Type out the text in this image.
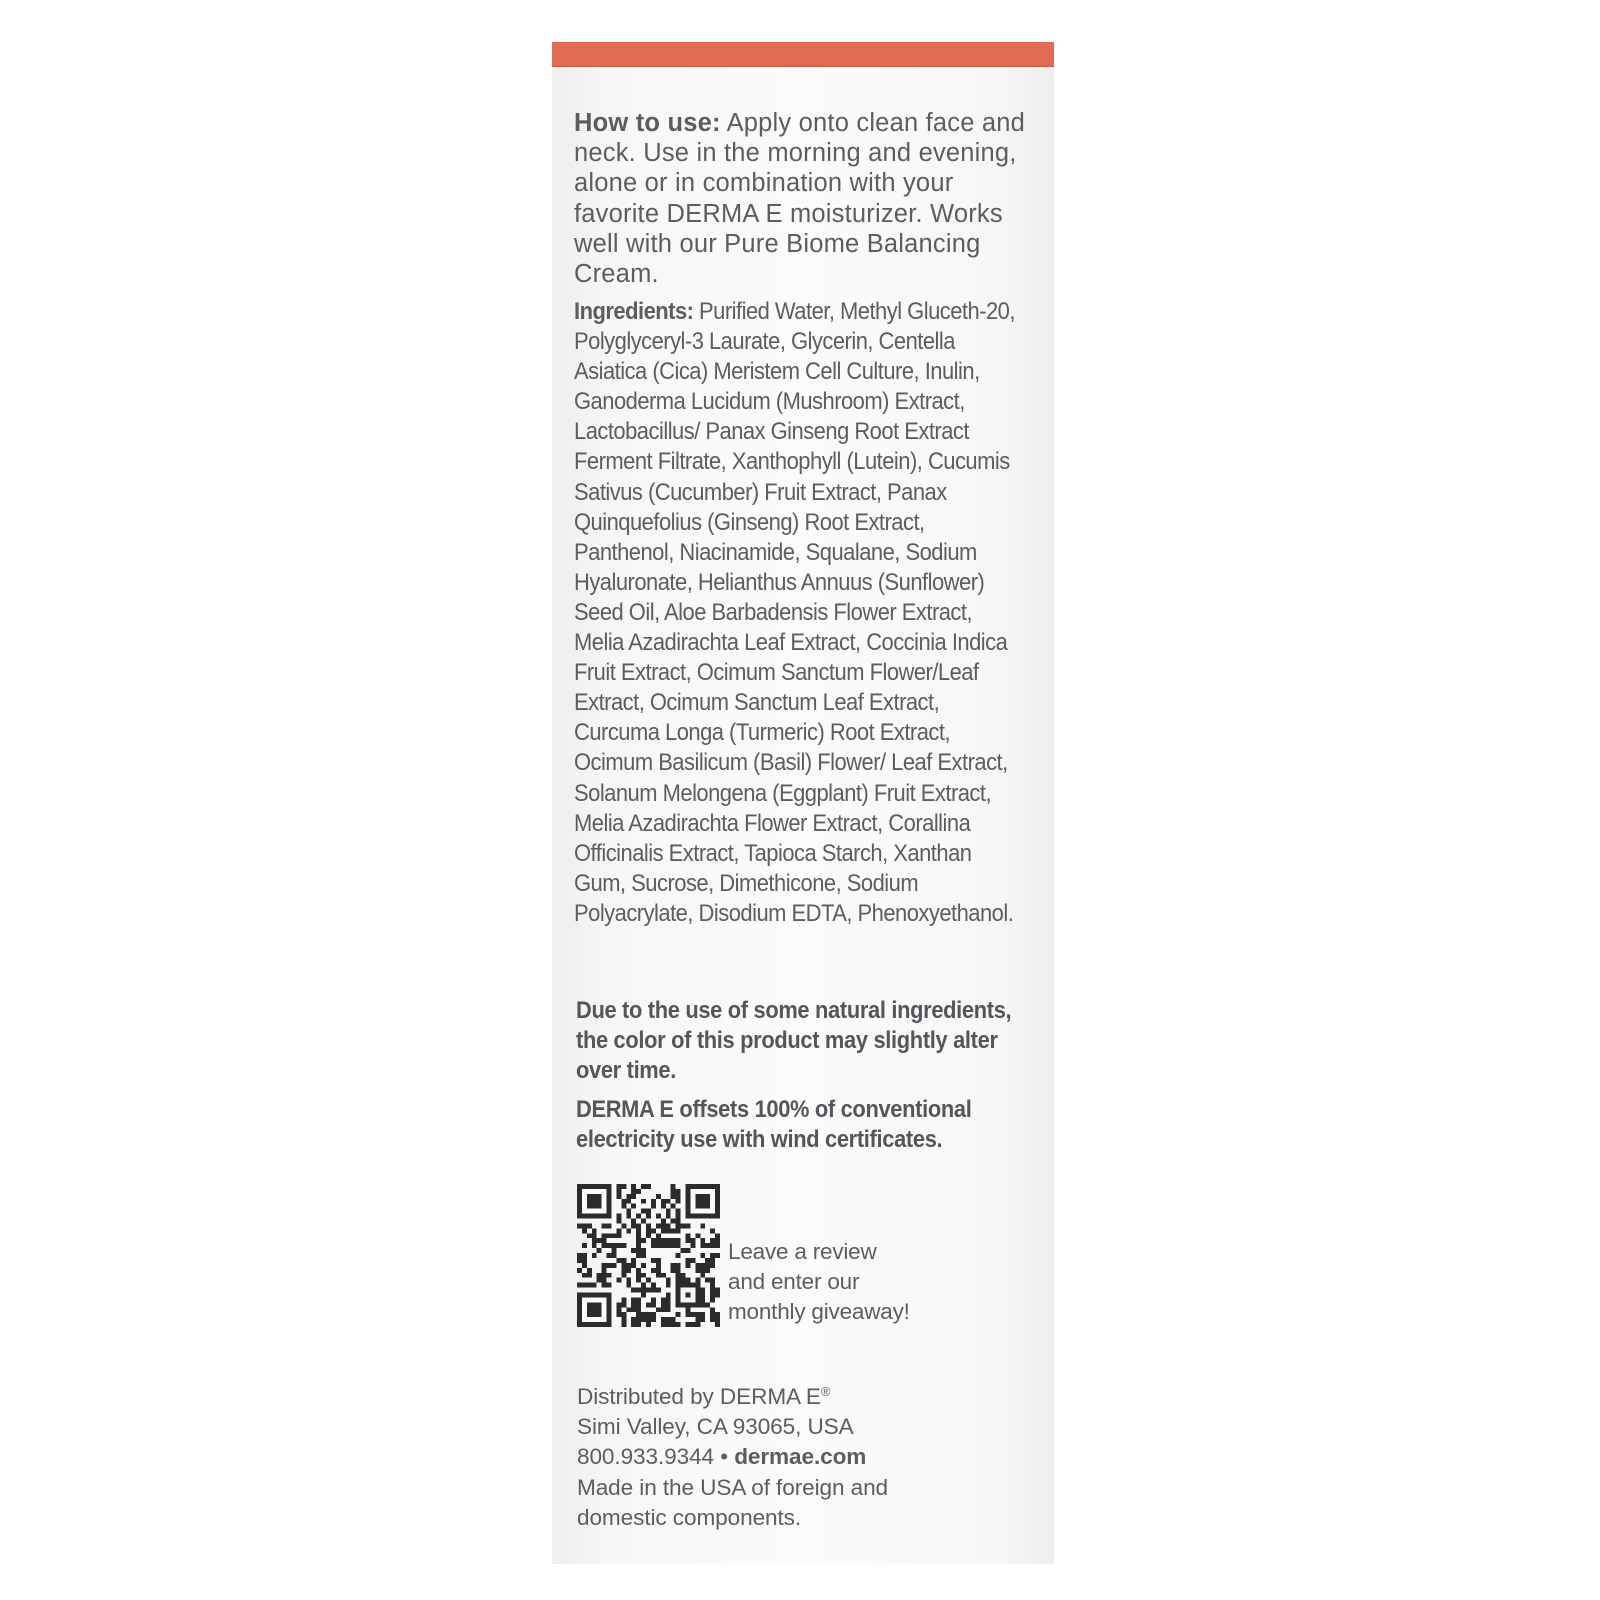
How to use: Apply onto clean face and neck. Use in the morning and evening, alone or in combination with your favorite DERMA E moisturizer. Works well with our Pure Biome Balancing Cream.

Ingredients: Purified Water, Methyl Gluceth-20, Polyglyceryl-3 Laurate, Glycerin, Centella Asiatica (Cica) Meristem Cell Culture, Inulin, Ganoderma Lucidum (Mushroom) Extract, Lactobacillus/ Panax Ginseng Root Extract Ferment Filtrate, Xanthophyll (Lutein), Cucumis Sativus (Cucumber) Fruit Extract, Panax Quinquefolius (Ginseng) Root Extract, Panthenol, Niacinamide, Squalane, Sodium Hyaluronate, Helianthus Annuus (Sunflower) Seed Oil, Aloe Barbadensis Flower Extract, Melia Azadirachta Leaf Extract, Coccinia Indica Fruit Extract, Ocimum Sanctum Flower/Leaf Extract, Ocimum Sanctum Leaf Extract, Curcuma Longa (Turmeric) Root Extract, Ocimum Basilicum (Basil) Flower/ Leaf Extract, Solanum Melongena (Eggplant) Fruit Extract, Melia Azadirachta Flower Extract, Corallina Officinalis Extract, Tapioca Starch, Xanthan Gum, Sucrose, Dimethicone, Sodium Polyacrylate, Disodium EDTA, Phenoxyethanol.

Due to the use of some natural ingredients, the color of this product may slightly alter over time.

DERMA E offsets 100% of conventional electricity use with wind certificates.

Leave a review
and enter our
monthly giveaway!
Distributed by DERMA E®
Simi Valley, CA 93065, USA
800.933.9344 • dermae.com
Made in the USA of foreign and
domestic components.
